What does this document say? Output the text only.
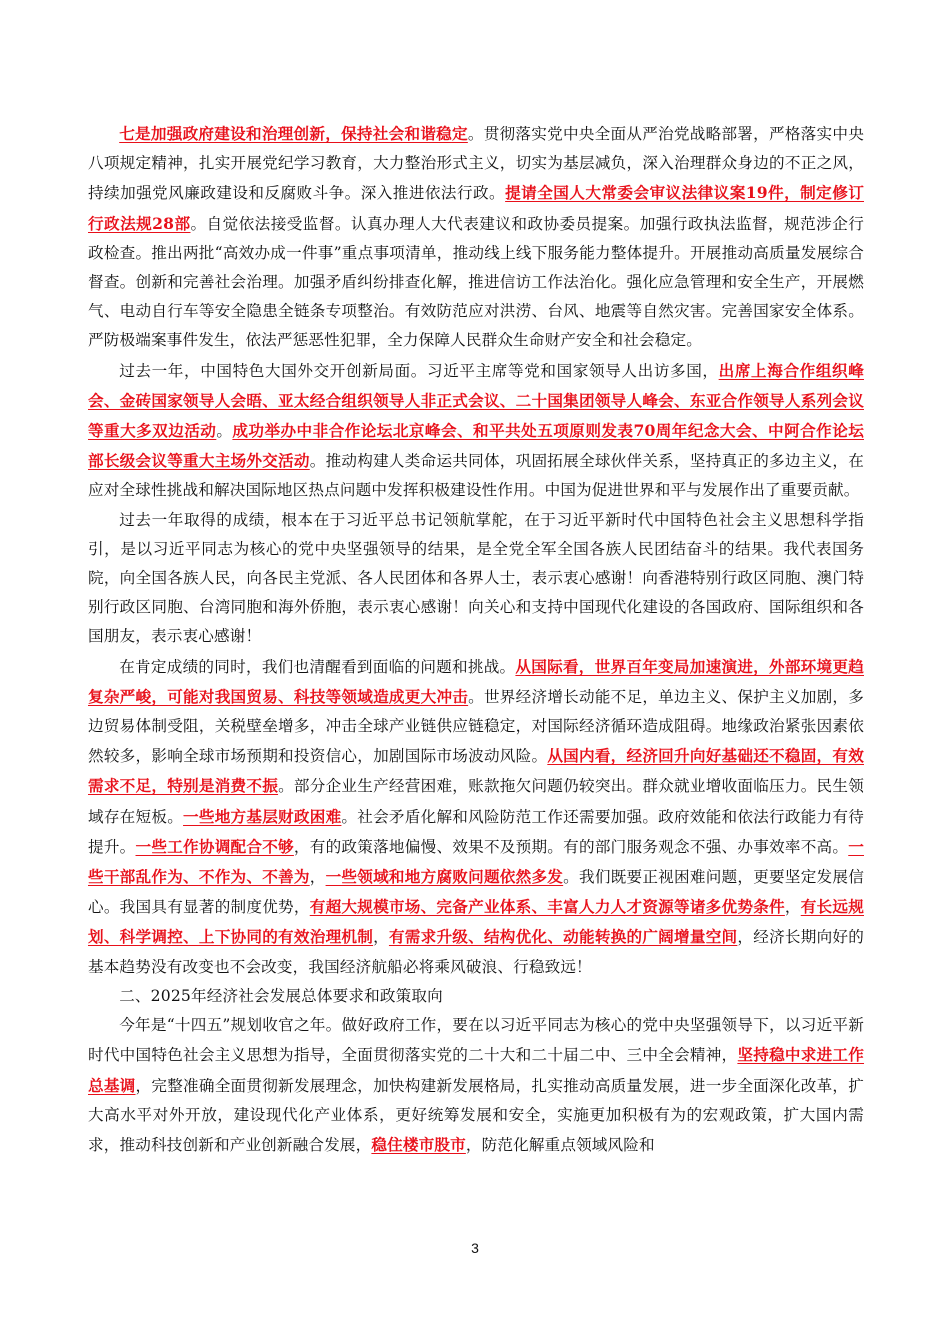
七是加强政府建设和治理创新，保持社会和谐稳定。贯彻落实党中央全面从严治党战略部署，严格落实中央八项规定精神，扎实开展党纪学习教育，大力整治形式主义，切实为基层减负，深入治理群众身边的不正之风，持续加强党风廉政建设和反腐败斗争。深入推进依法行政。提请全国人大常委会审议法律议案19件，制定修订行政法规28部。自觉依法接受监督。认真办理人大代表建议和政协委员提案。加强行政执法监督，规范涉企行政检查。推出两批“高效办成一件事”重点事项清单，推动线上线下服务能力整体提升。开展推动高质量发展综合督查。创新和完善社会治理。加强矛盾纠纷排查化解，推进信访工作法治化。强化应急管理和安全生产，开展燃气、电动自行车等安全隐患全链条专项整治。有效防范应对洪涝、台风、地震等自然灾害。完善国家安全体系。严防极端案事件发生，依法严惩恶性犯罪，全力保障人民群众生命财产安全和社会稳定。

过去一年，中国特色大国外交开创新局面。习近平主席等党和国家领导人出访多国，出席上海合作组织峰会、金砖国家领导人会晤、亚太经合组织领导人非正式会议、二十国集团领导人峰会、东亚合作领导人系列会议等重大多双边活动。成功举办中非合作论坛北京峰会、和平共处五项原则发表70周年纪念大会、中阿合作论坛部长级会议等重大主场外交活动。推动构建人类命运共同体，巩固拓展全球伙伴关系，坚持真正的多边主义，在应对全球性挑战和解决国际地区热点问题中发挥积极建设性作用。中国为促进世界和平与发展作出了重要贡献。

过去一年取得的成绩，根本在于习近平总书记领航掌舵，在于习近平新时代中国特色社会主义思想科学指引，是以习近平同志为核心的党中央坚强领导的结果，是全党全军全国各族人民团结奋斗的结果。我代表国务院，向全国各族人民，向各民主党派、各人民团体和各界人士，表示衷心感谢！向香港特别行政区同胞、澳门特别行政区同胞、台湾同胞和海外侨胞，表示衷心感谢！向关心和支持中国现代化建设的各国政府、国际组织和各国朋友，表示衷心感谢！

在肯定成绩的同时，我们也清醒看到面临的问题和挑战。从国际看，世界百年变局加速演进，外部环境更趋复杂严峻，可能对我国贸易、科技等领域造成更大冲击。世界经济增长动能不足，单边主义、保护主义加剧，多边贸易体制受阻，关税壁垒增多，冲击全球产业链供应链稳定，对国际经济循环造成阻碍。地缘政治紧张因素依然较多，影响全球市场预期和投资信心，加剧国际市场波动风险。从国内看，经济回升向好基础还不稳固，有效需求不足，特别是消费不振。部分企业生产经营困难，账款拖欠问题仍较突出。群众就业增收面临压力。民生领域存在短板。一些地方基层财政困难。社会矛盾化解和风险防范工作还需要加强。政府效能和依法行政能力有待提升。一些工作协调配合不够，有的政策落地偏慢、效果不及预期。有的部门服务观念不强、办事效率不高。一些干部乱作为、不作为、不善为，一些领域和地方腐败问题依然多发。我们既要正视困难问题，更要坚定发展信心。我国具有显著的制度优势，有超大规模市场、完备产业体系、丰富人力人才资源等诸多优势条件，有长远规划、科学调控、上下协同的有效治理机制，有需求升级、结构优化、动能转换的广阔增量空间，经济长期向好的基本趋势没有改变也不会改变，我国经济航船必将乘风破浪、行稳致远！

二、2025年经济社会发展总体要求和政策取向

今年是“十四五”规划收官之年。做好政府工作，要在以习近平同志为核心的党中央坚强领导下，以习近平新时代中国特色社会主义思想为指导，全面贯彻落实党的二十大和二十届二中、三中全会精神，坚持稳中求进工作总基调，完整准确全面贯彻新发展理念，加快构建新发展格局，扎实推动高质量发展，进一步全面深化改革，扩大高水平对外开放，建设现代化产业体系，更好统筹发展和安全，实施更加积极有为的宏观政策，扩大国内需求，推动科技创新和产业创新融合发展，稳住楼市股市，防范化解重点领域风险和

3
